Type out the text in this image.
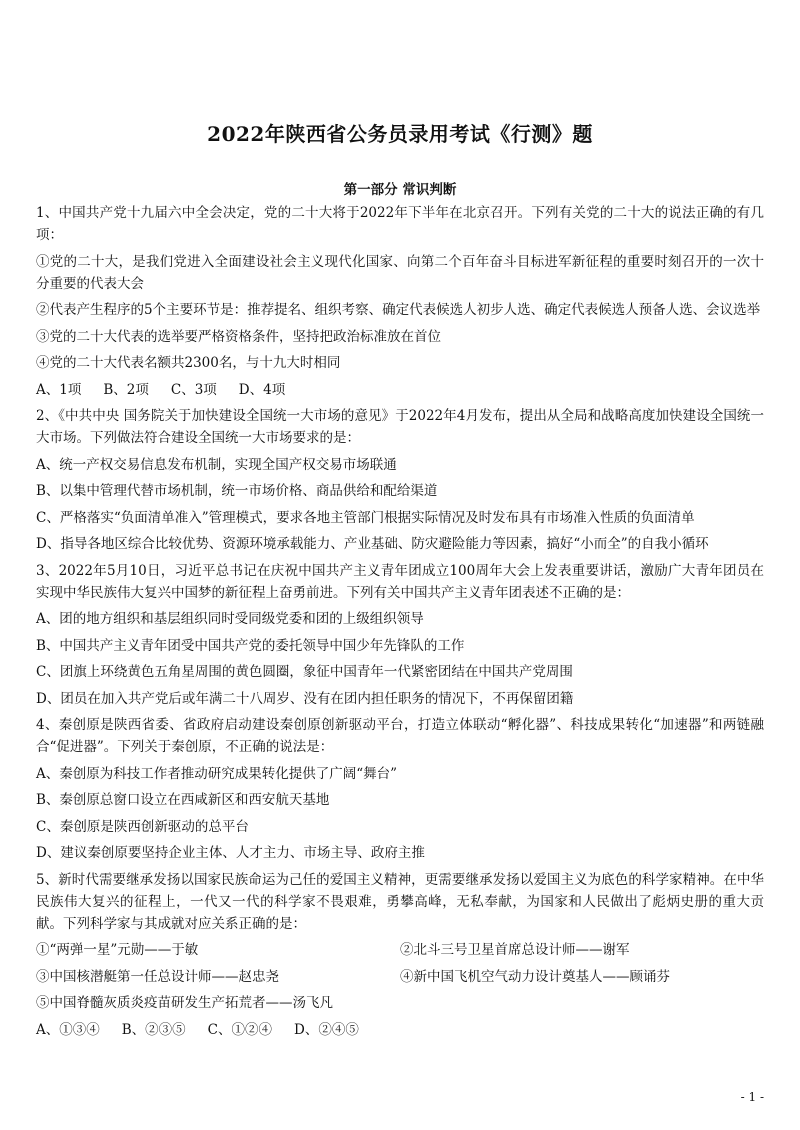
2022年陕西省公务员录用考试《行测》题
第一部分 常识判断

1、中国共产党十九届六中全会决定，党的二十大将于2022年下半年在北京召开。下列有关党的二十大的说法正确的有几项：

①党的二十大，是我们党进入全面建设社会主义现代化国家、向第二个百年奋斗目标进军新征程的重要时刻召开的一次十分重要的代表大会

②代表产生程序的5个主要环节是：推荐提名、组织考察、确定代表候选人初步人选、确定代表候选人预备人选、会议选举

③党的二十大代表的选举要严格资格条件，坚持把政治标准放在首位

④党的二十大代表名额共2300名，与十九大时相同

A、1项 B、2项 C、3项 D、4项

2、《中共中央 国务院关于加快建设全国统一大市场的意见》于2022年4月发布，提出从全局和战略高度加快建设全国统一大市场。下列做法符合建设全国统一大市场要求的是：

A、统一产权交易信息发布机制，实现全国产权交易市场联通

B、以集中管理代替市场机制，统一市场价格、商品供给和配给渠道

C、严格落实“负面清单准入”管理模式，要求各地主管部门根据实际情况及时发布具有市场准入性质的负面清单

D、指导各地区综合比较优势、资源环境承载能力、产业基础、防灾避险能力等因素，搞好“小而全”的自我小循环

3、2022年5月10日，习近平总书记在庆祝中国共产主义青年团成立100周年大会上发表重要讲话，激励广大青年团员在实现中华民族伟大复兴中国梦的新征程上奋勇前进。下列有关中国共产主义青年团表述不正确的是：

A、团的地方组织和基层组织同时受同级党委和团的上级组织领导

B、中国共产主义青年团受中国共产党的委托领导中国少年先锋队的工作

C、团旗上环绕黄色五角星周围的黄色圆圈，象征中国青年一代紧密团结在中国共产党周围

D、团员在加入共产党后或年满二十八周岁、没有在团内担任职务的情况下，不再保留团籍

4、秦创原是陕西省委、省政府启动建设秦创原创新驱动平台，打造立体联动“孵化器”、科技成果转化“加速器”和两链融合“促进器”。下列关于秦创原，不正确的说法是：

A、秦创原为科技工作者推动研究成果转化提供了广阔“舞台”

B、秦创原总窗口设立在西咸新区和西安航天基地

C、秦创原是陕西创新驱动的总平台

D、建议秦创原要坚持企业主体、人才主力、市场主导、政府主推

5、新时代需要继承发扬以国家民族命运为己任的爱国主义精神，更需要继承发扬以爱国主义为底色的科学家精神。在中华民族伟大复兴的征程上，一代又一代的科学家不畏艰难，勇攀高峰，无私奉献，为国家和人民做出了彪炳史册的重大贡献。下列科学家与其成就对应关系正确的是：

①“两弹一星”元勋——于敏	②北斗三号卫星首席总设计师——谢军
③中国核潜艇第一任总设计师——赵忠尧	④新中国飞机空气动力设计奠基人——顾诵芬

⑤中国脊髓灰质炎疫苗研发生产拓荒者——汤飞凡

A、①③④ B、②③⑤ C、①②④ D、②④⑤
- 1 -
